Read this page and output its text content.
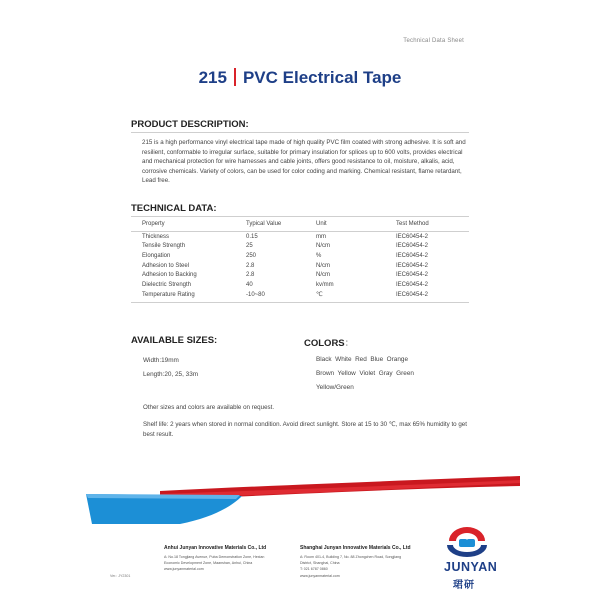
Technical Data Sheet
215 PVC Electrical Tape
PRODUCT DESCRIPTION:
215 is a high performance vinyl electrical tape made of high quality PVC film coated with strong adhesive. It is soft and resilient, conformable to irregular surface, suitable for primary insulation for splices up to 600 volts, provides electrical and mechanical protection for wire harnesses and cable joints, offers good resistance to oil, moisture, alkalis, acid, corrosive chemicals. Variety of colors, can be used for color coding and marking. Chemical resistant, flame retardant, Lead free.
TECHNICAL DATA:
Property	Typical Value	Unit	Test Method
Thickness	0.15	mm	IEC60454-2
Tensile Strength	25	N/cm	IEC60454-2
Elongation	250	%	IEC60454-2
Adhesion to Steel	2.8	N/cm	IEC60454-2
Adhesion to Backing	2.8	N/cm	IEC60454-2
Dielectric Strength	40	kv/mm	IEC60454-2
Temperature Rating	-10~80	℃	IEC60454-2
AVAILABLE SIZES:
Width:19mm
Length:20, 25, 33m
COLORS：
Black  White  Red  Blue  Orange
Brown  Yellow  Violet  Gray  Green
Yellow/Green
Other sizes and colors are available on request.
Shelf life: 2 years when stored in normal condition. Avoid direct sunlight. Store at 15 to 30 ℃, max 65% humidity to get best result.
Anhui Junyan Innovative Materials Co., Ltd
A: No.18 Tongjiang Avenue, Puba Demonstration Zone, Hexian
Economic Development Zone, Maanshan, Anhui, China
www.junyanmaterial.com
Shanghai Junyan Innovative Materials Co., Ltd
A: Room 401-4, Building 7, No. 88 Zhongchen Road, Songjiang
District, Shanghai, China
T: 021 6787 0860
www.junyanmaterial.com
Ver.: JY2301
JUNYAN
珺研
